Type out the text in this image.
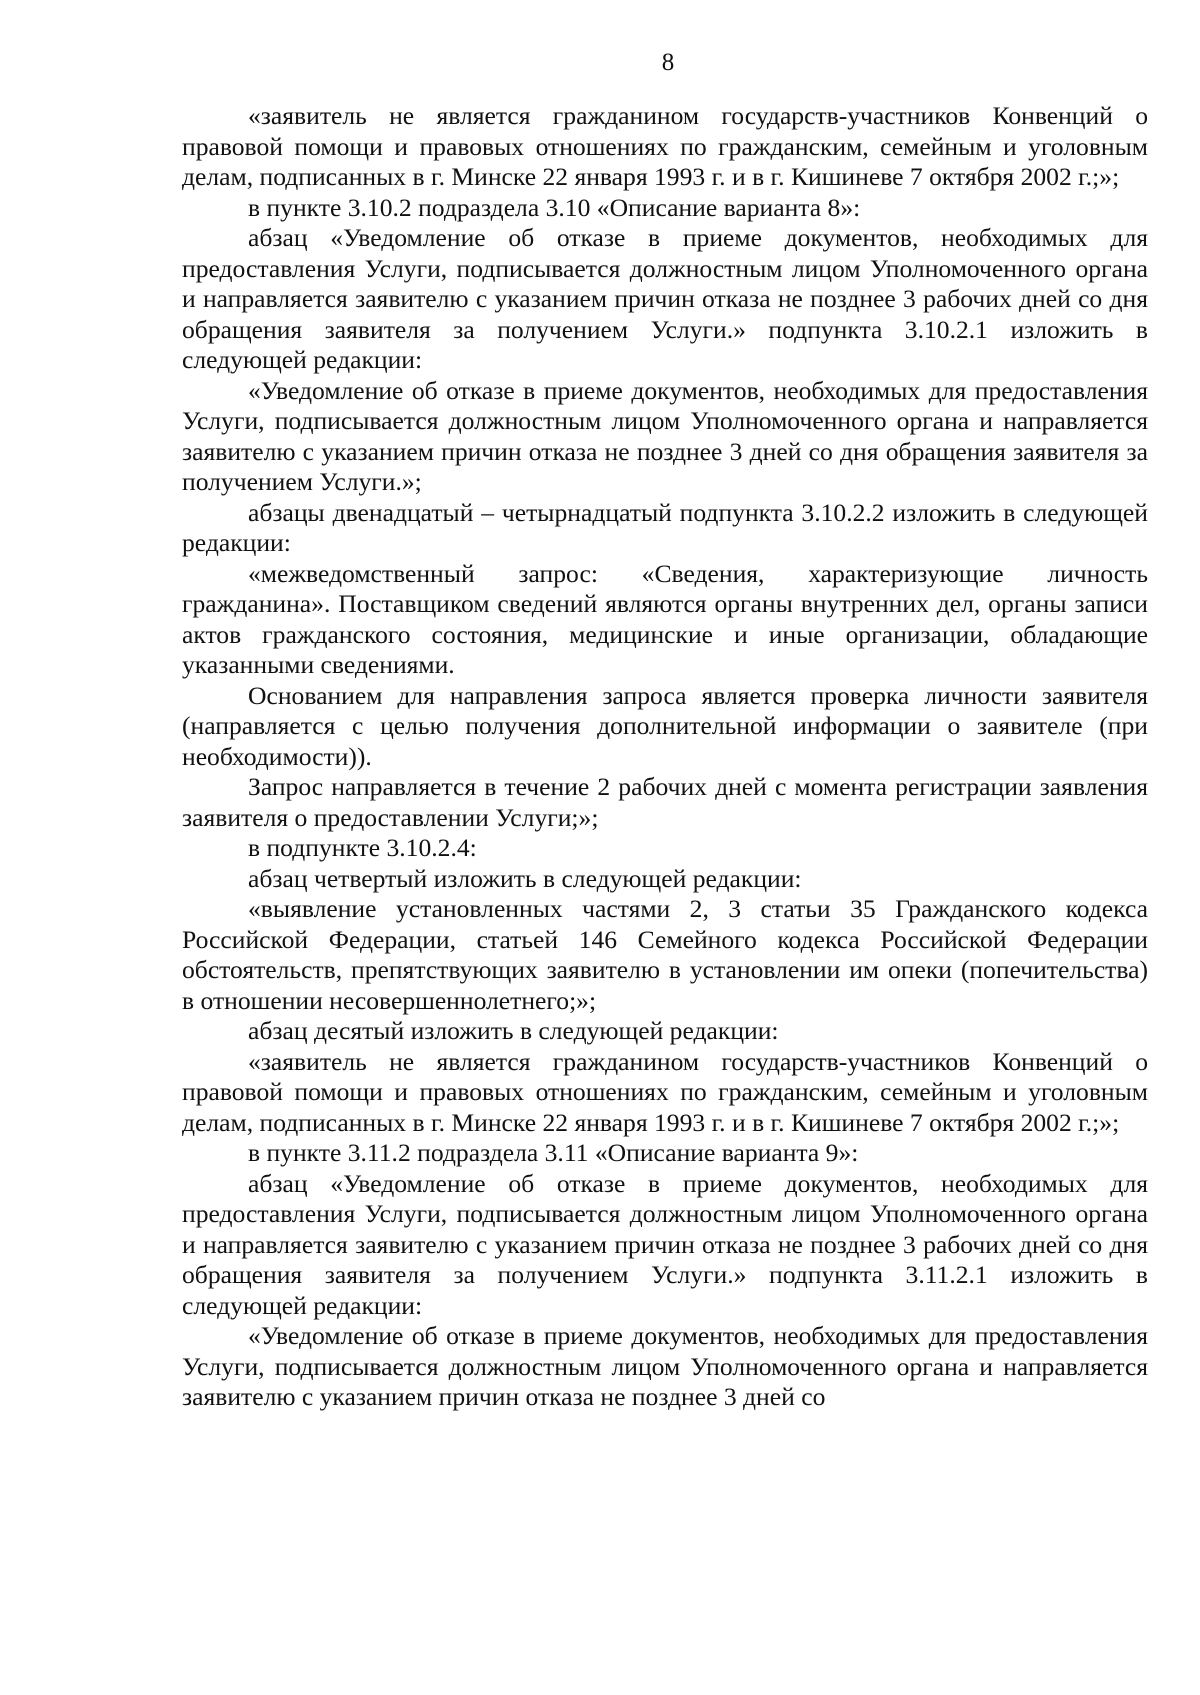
8

«заявитель не является гражданином государств-участников Конвенций о правовой помощи и правовых отношениях по гражданским, семейным и уголовным делам, подписанных в г. Минске 22 января 1993 г. и в г. Кишиневе 7 октября 2002 г.;»;

в пункте 3.10.2 подраздела 3.10 «Описание варианта 8»:

абзац «Уведомление об отказе в приеме документов, необходимых для предоставления Услуги, подписывается должностным лицом Уполномоченного органа и направляется заявителю с указанием причин отказа не позднее 3 рабочих дней со дня обращения заявителя за получением Услуги.» подпункта 3.10.2.1 изложить в следующей редакции:

«Уведомление об отказе в приеме документов, необходимых для предоставления Услуги, подписывается должностным лицом Уполномоченного органа и направляется заявителю с указанием причин отказа не позднее 3 дней со дня обращения заявителя за получением Услуги.»;

абзацы двенадцатый – четырнадцатый подпункта 3.10.2.2 изложить в следующей редакции:

«межведомственный запрос: «Сведения, характеризующие личность гражданина». Поставщиком сведений являются органы внутренних дел, органы записи актов гражданского состояния, медицинские и иные организации, обладающие указанными сведениями.

Основанием для направления запроса является проверка личности заявителя (направляется с целью получения дополнительной информации о заявителе (при необходимости)).

Запрос направляется в течение 2 рабочих дней с момента регистрации заявления заявителя о предоставлении Услуги;»;

в подпункте 3.10.2.4:

абзац четвертый изложить в следующей редакции:

«выявление установленных частями 2, 3 статьи 35 Гражданского кодекса Российской Федерации, статьей 146 Семейного кодекса Российской Федерации обстоятельств, препятствующих заявителю в установлении им опеки (попечительства) в отношении несовершеннолетнего;»;

абзац десятый изложить в следующей редакции:

«заявитель не является гражданином государств-участников Конвенций о правовой помощи и правовых отношениях по гражданским, семейным и уголовным делам, подписанных в г. Минске 22 января 1993 г. и в г. Кишиневе 7 октября 2002 г.;»;

в пункте 3.11.2 подраздела 3.11 «Описание варианта 9»:

абзац «Уведомление об отказе в приеме документов, необходимых для предоставления Услуги, подписывается должностным лицом Уполномоченного органа и направляется заявителю с указанием причин отказа не позднее 3 рабочих дней со дня обращения заявителя за получением Услуги.» подпункта 3.11.2.1 изложить в следующей редакции:

«Уведомление об отказе в приеме документов, необходимых для предоставления Услуги, подписывается должностным лицом Уполномоченного органа и направляется заявителю с указанием причин отказа не позднее 3 дней со
